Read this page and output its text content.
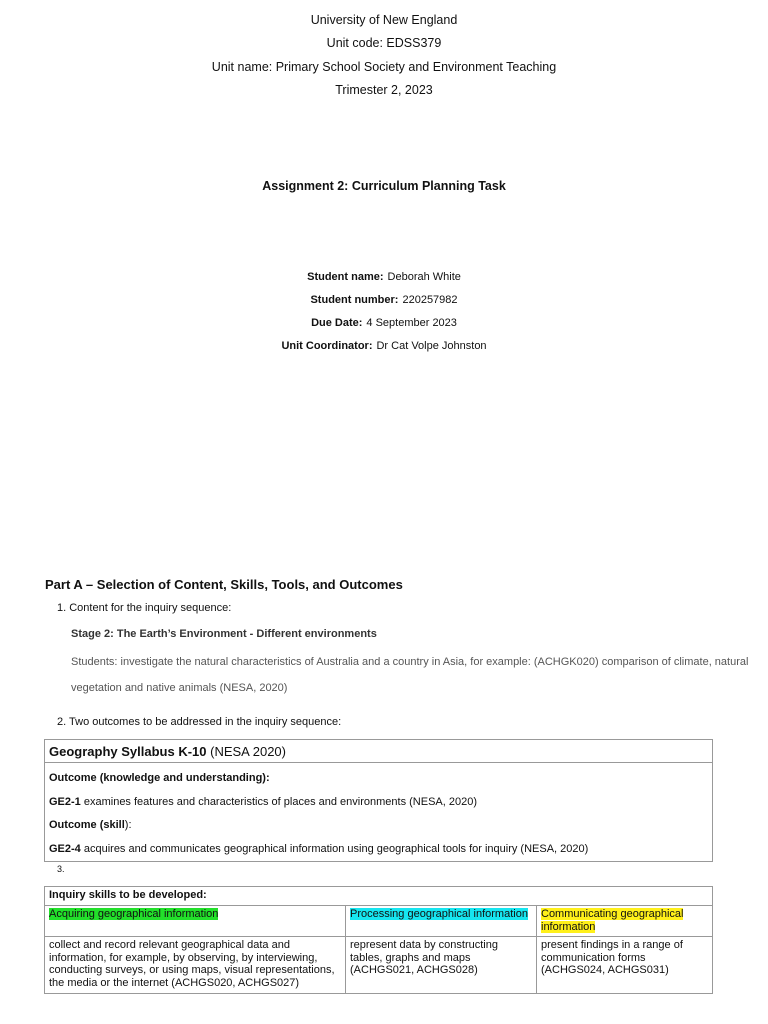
University of New England
Unit code: EDSS379
Unit name: Primary School Society and Environment Teaching
Trimester 2, 2023
Assignment 2: Curriculum Planning Task
Student name: Deborah White
Student number: 220257982
Due Date: 4 September 2023
Unit Coordinator: Dr Cat Volpe Johnston
Part A – Selection of Content, Skills, Tools, and Outcomes
1. Content for the inquiry sequence:
Stage 2: The Earth’s Environment - Different environments
Students: investigate the natural characteristics of Australia and a country in Asia, for example: (ACHGK020) comparison of climate, natural vegetation and native animals (NESA, 2020)
2. Two outcomes to be addressed in the inquiry sequence:
Geography Syllabus K-10 (NESA 2020)

Outcome (knowledge and understanding):
GE2-1 examines features and characteristics of places and environments (NESA, 2020)
Outcome (skill):
GE2-4 acquires and communicates geographical information using geographical tools for inquiry (NESA, 2020)
3.
Inquiry skills to be developed:		
Acquiring geographical information	Processing geographical information	Communicating geographical information
collect and record relevant geographical data and information, for example, by observing, by interviewing, conducting surveys, or using maps, visual representations, the media or the internet (ACHGS020, ACHGS027)	represent data by constructing tables, graphs and maps (ACHGS021, ACHGS028)	present findings in a range of communication forms (ACHGS024, ACHGS031)
